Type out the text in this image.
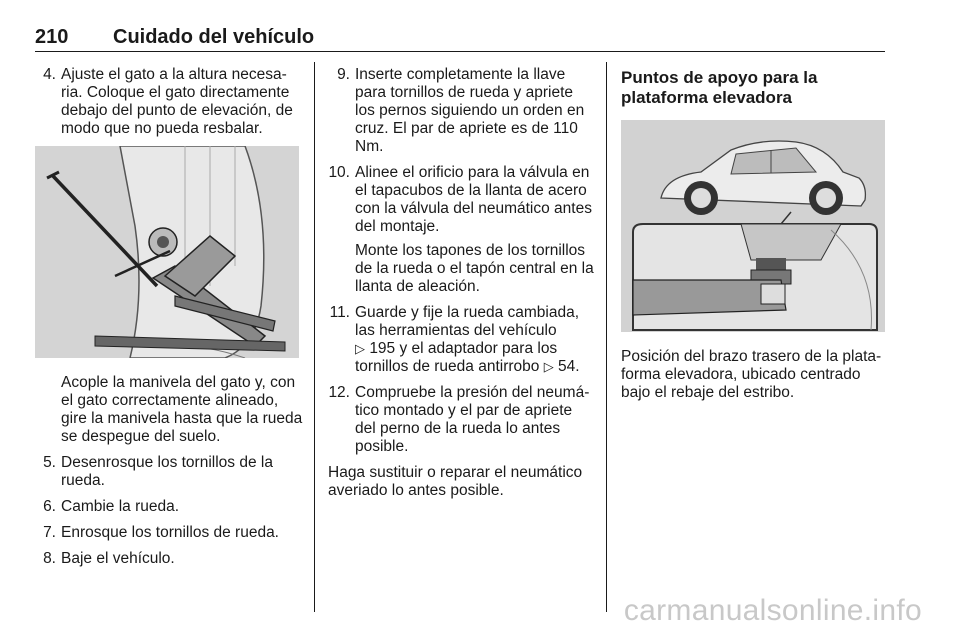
210 Cuidado del vehículo
4. Ajuste el gato a la altura necesa-ria. Coloque el gato directamente debajo del punto de elevación, de modo que no pueda resbalar.
Acople la manivela del gato y, con el gato correctamente alineado, gire la manivela hasta que la rueda se despegue del suelo.
5. Desenrosque los tornillos de la rueda.
6. Cambie la rueda.
7. Enrosque los tornillos de rueda.
8. Baje el vehículo.
9. Inserte completamente la llave para tornillos de rueda y apriete los pernos siguiendo un orden en cruz. El par de apriete es de 110 Nm.
10. Alinee el orificio para la válvula en el tapacubos de la llanta de acero con la válvula del neumático antes del montaje.
Monte los tapones de los tornillos de la rueda o el tapón central en la llanta de aleación.
11. Guarde y fije la rueda cambiada, las herramientas del vehículo
▷ 195 y el adaptador para los tornillos de rueda antirrobo ▷ 54.
12. Compruebe la presión del neumá-tico montado y el par de apriete del perno de la rueda lo antes posible.
Haga sustituir o reparar el neumático averiado lo antes posible.
Puntos de apoyo para la plataforma elevadora
Posición del brazo trasero de la plata-forma elevadora, ubicado centrado bajo el rebaje del estribo.
carmanualsonline.info
